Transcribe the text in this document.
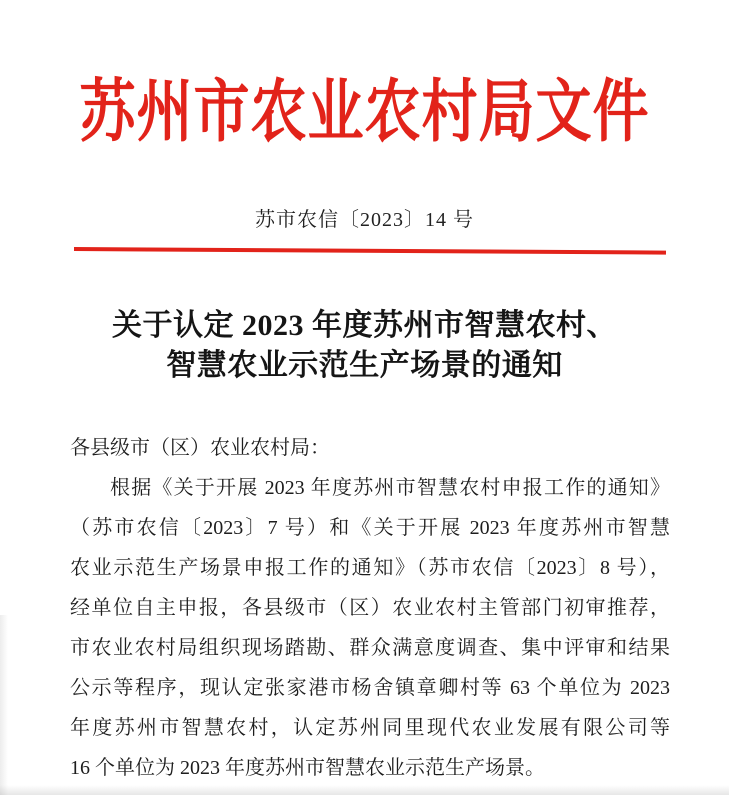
苏州市农业农村局文件
苏市农信〔2023〕14 号
关于认定 2023 年度苏州市智慧农村、
智慧农业示范生产场景的通知
各县级市（区）农业农村局：
根据《关于开展 2023 年度苏州市智慧农村申报工作的通知》
（苏市农信〔2023〕7 号）和《关于开展 2023 年度苏州市智慧
农业示范生产场景申报工作的通知》（苏市农信〔2023〕8 号），
经单位自主申报，各县级市（区）农业农村主管部门初审推荐，
市农业农村局组织现场踏勘、群众满意度调查、集中评审和结果
公示等程序，现认定张家港市杨舍镇章卿村等 63 个单位为 2023
年度苏州市智慧农村，认定苏州同里现代农业发展有限公司等
16 个单位为 2023 年度苏州市智慧农业示范生产场景。
